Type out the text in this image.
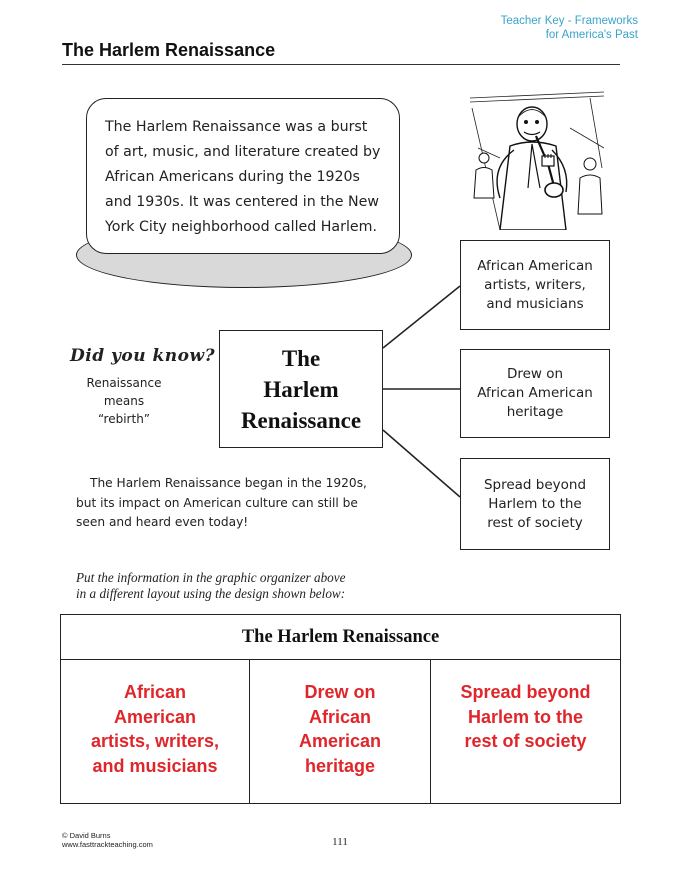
Teacher Key - Frameworks
for America's Past
The Harlem Renaissance
The Harlem Renaissance was a burst
of art, music, and literature created by
African Americans during the 1920s
and 1930s. It was centered in the New
York City neighborhood called Harlem.
Did you know?
Renaissance
means
“rebirth”
The
Harlem
Renaissance
African American
artists, writers,
and musicians
Drew on
African American
heritage
Spread beyond
Harlem to the
rest of society
The Harlem Renaissance began in the 1920s,
but its impact on American culture can still be
seen and heard even today!
Put the information in the graphic organizer above
in a different layout using the design shown below:
The Harlem Renaissance
African
American
artists, writers,
and musicians
Drew on
African
American
heritage
Spread beyond
Harlem to the
rest of society
© David Burns
www.fasttrackteaching.com	111
